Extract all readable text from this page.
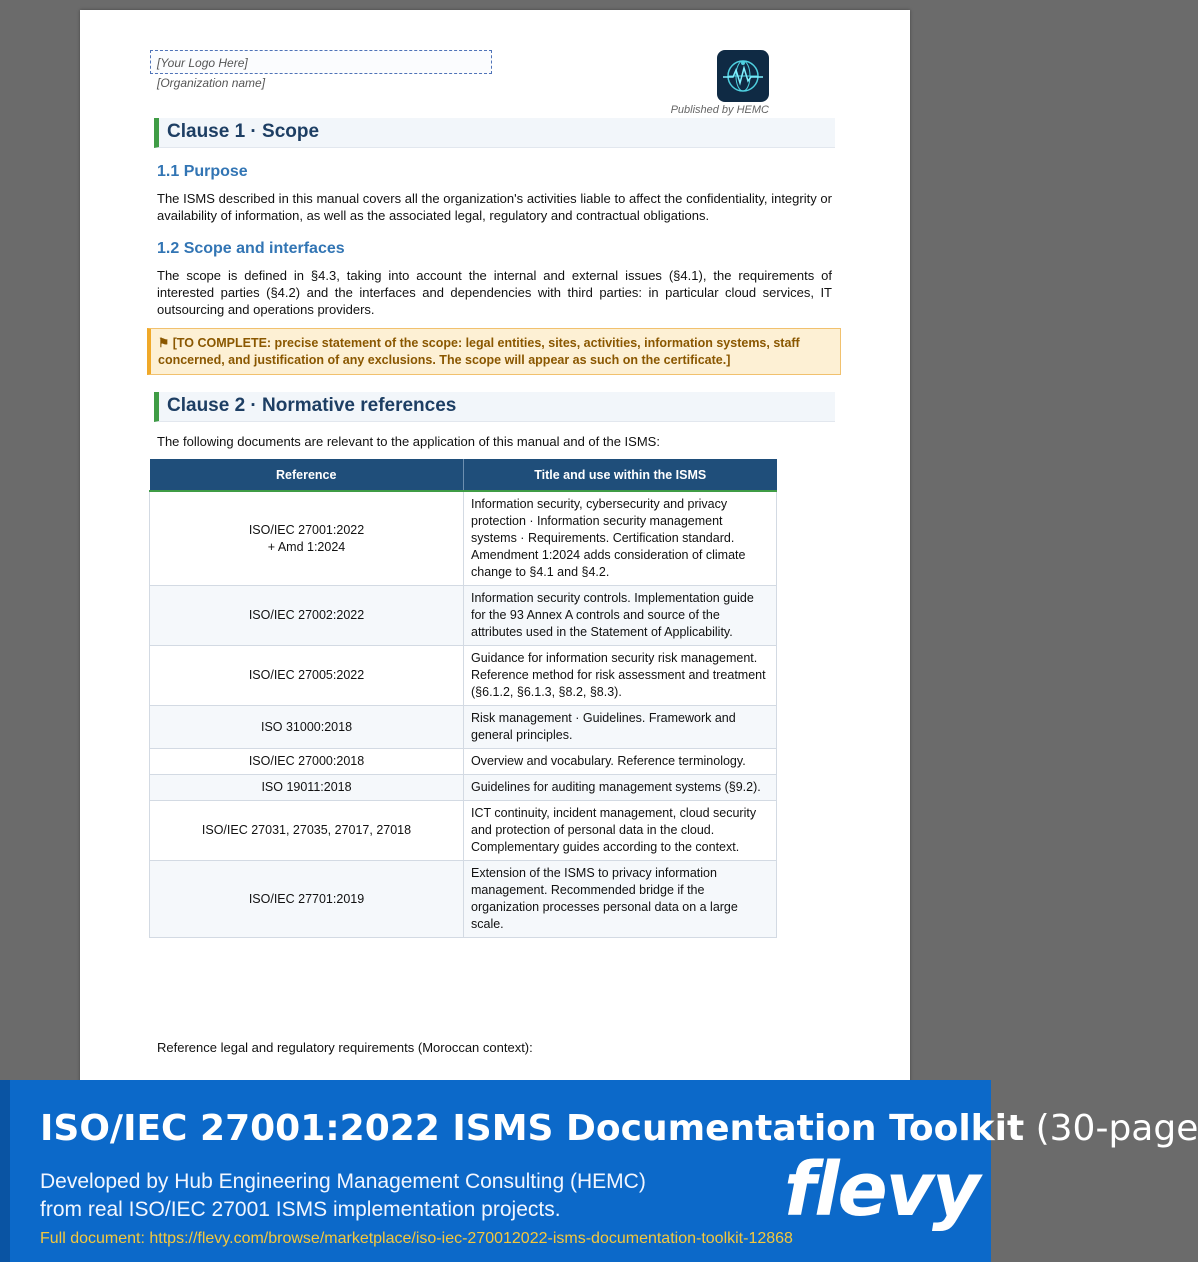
[Your Logo Here]
[Organization name]
Published by HEMC
Clause 1 · Scope
1.1 Purpose
The ISMS described in this manual covers all the organization's activities liable to affect the confidentiality, integrity or availability of information, as well as the associated legal, regulatory and contractual obligations.
1.2 Scope and interfaces
The scope is defined in §4.3, taking into account the internal and external issues (§4.1), the requirements of interested parties (§4.2) and the interfaces and dependencies with third parties: in particular cloud services, IT outsourcing and operations providers.
⚑ [TO COMPLETE: precise statement of the scope: legal entities, sites, activities, information systems, staff concerned, and justification of any exclusions. The scope will appear as such on the certificate.]
Clause 2 · Normative references
The following documents are relevant to the application of this manual and of the ISMS:
Reference	Title and use within the ISMS

ISO/IEC 27001:2022
+ Amd 1:2024	Information security, cybersecurity and privacy protection · Information security management systems · Requirements. Certification standard. Amendment 1:2024 adds consideration of climate change to §4.1 and §4.2.
ISO/IEC 27002:2022	Information security controls. Implementation guide for the 93 Annex A controls and source of the attributes used in the Statement of Applicability.
ISO/IEC 27005:2022	Guidance for information security risk management. Reference method for risk assessment and treatment (§6.1.2, §6.1.3, §8.2, §8.3).
ISO 31000:2018	Risk management · Guidelines. Framework and general principles.
ISO/IEC 27000:2018	Overview and vocabulary. Reference terminology.
ISO 19011:2018	Guidelines for auditing management systems (§9.2).
ISO/IEC 27031, 27035, 27017, 27018	ICT continuity, incident management, cloud security and protection of personal data in the cloud. Complementary guides according to the context.
ISO/IEC 27701:2019	Extension of the ISMS to privacy information management. Recommended bridge if the organization processes personal data on a large scale.
Reference legal and regulatory requirements (Moroccan context):
ISO/IEC 27001:2022 ISMS Documentation Toolkit (30-page
Developed by Hub Engineering Management Consulting (HEMC) from real ISO/IEC 27001 ISMS implementation projects.
Full document: https://flevy.com/browse/marketplace/iso-iec-270012022-isms-documentation-toolkit-12868
flevy
